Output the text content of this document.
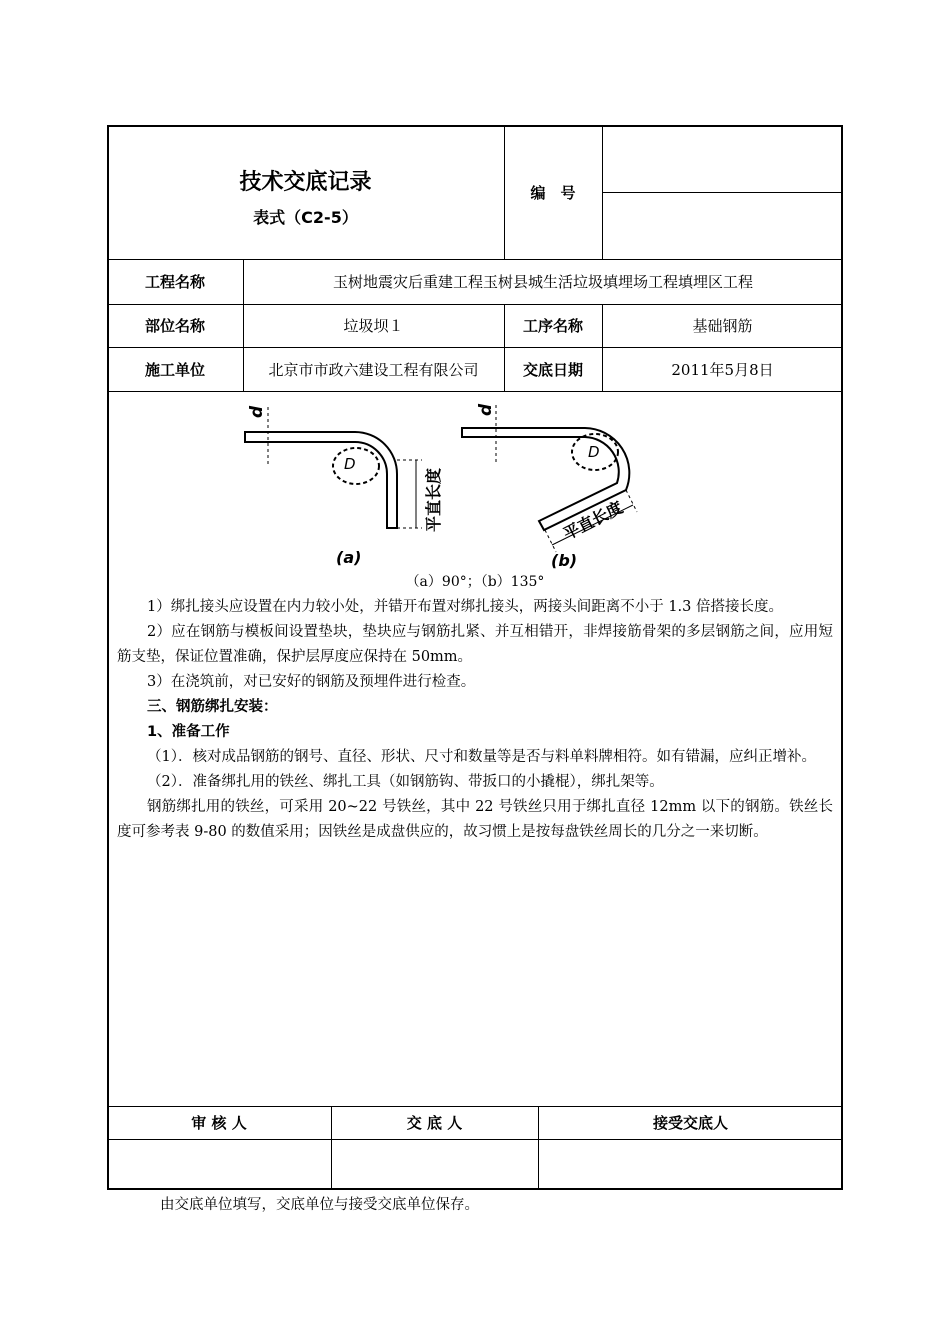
技术交底记录
表式（C2-5）
编　号
工程名称	玉树地震灾后重建工程玉树县城生活垃圾填埋场工程填埋区工程
部位名称	垃圾坝１	工序名称	基础钢筋
施工单位	北京市市政六建设工程有限公司	交底日期	2011年5月8日
d
D
平直长度
(a)
d
D
平直长度
(b)
（a）90°；（b）135°

1）绑扎接头应设置在内力较小处，并错开布置对绑扎接头，两接头间距离不小于 1.3 倍搭接长度。

2）应在钢筋与模板间设置垫块，垫块应与钢筋扎紧、并互相错开，非焊接筋骨架的多层钢筋之间，应用短筋支垫，保证位置准确，保护层厚度应保持在 50mm。

3）在浇筑前，对已安好的钢筋及预埋件进行检查。

三、钢筋绑扎安装：

1、准备工作

（1）．核对成品钢筋的钢号、直径、形状、尺寸和数量等是否与料单料牌相符。如有错漏，应纠正增补。

（2）．准备绑扎用的铁丝、绑扎工具（如钢筋钩、带扳口的小撬棍），绑扎架等。

钢筋绑扎用的铁丝，可采用 20~22 号铁丝，其中 22 号铁丝只用于绑扎直径 12mm 以下的钢筋。铁丝长度可参考表 9-80 的数值采用；因铁丝是成盘供应的，故习惯上是按每盘铁丝周长的几分之一来切断。

审 核 人	交 底 人	接受交底人
由交底单位填写，交底单位与接受交底单位保存。
